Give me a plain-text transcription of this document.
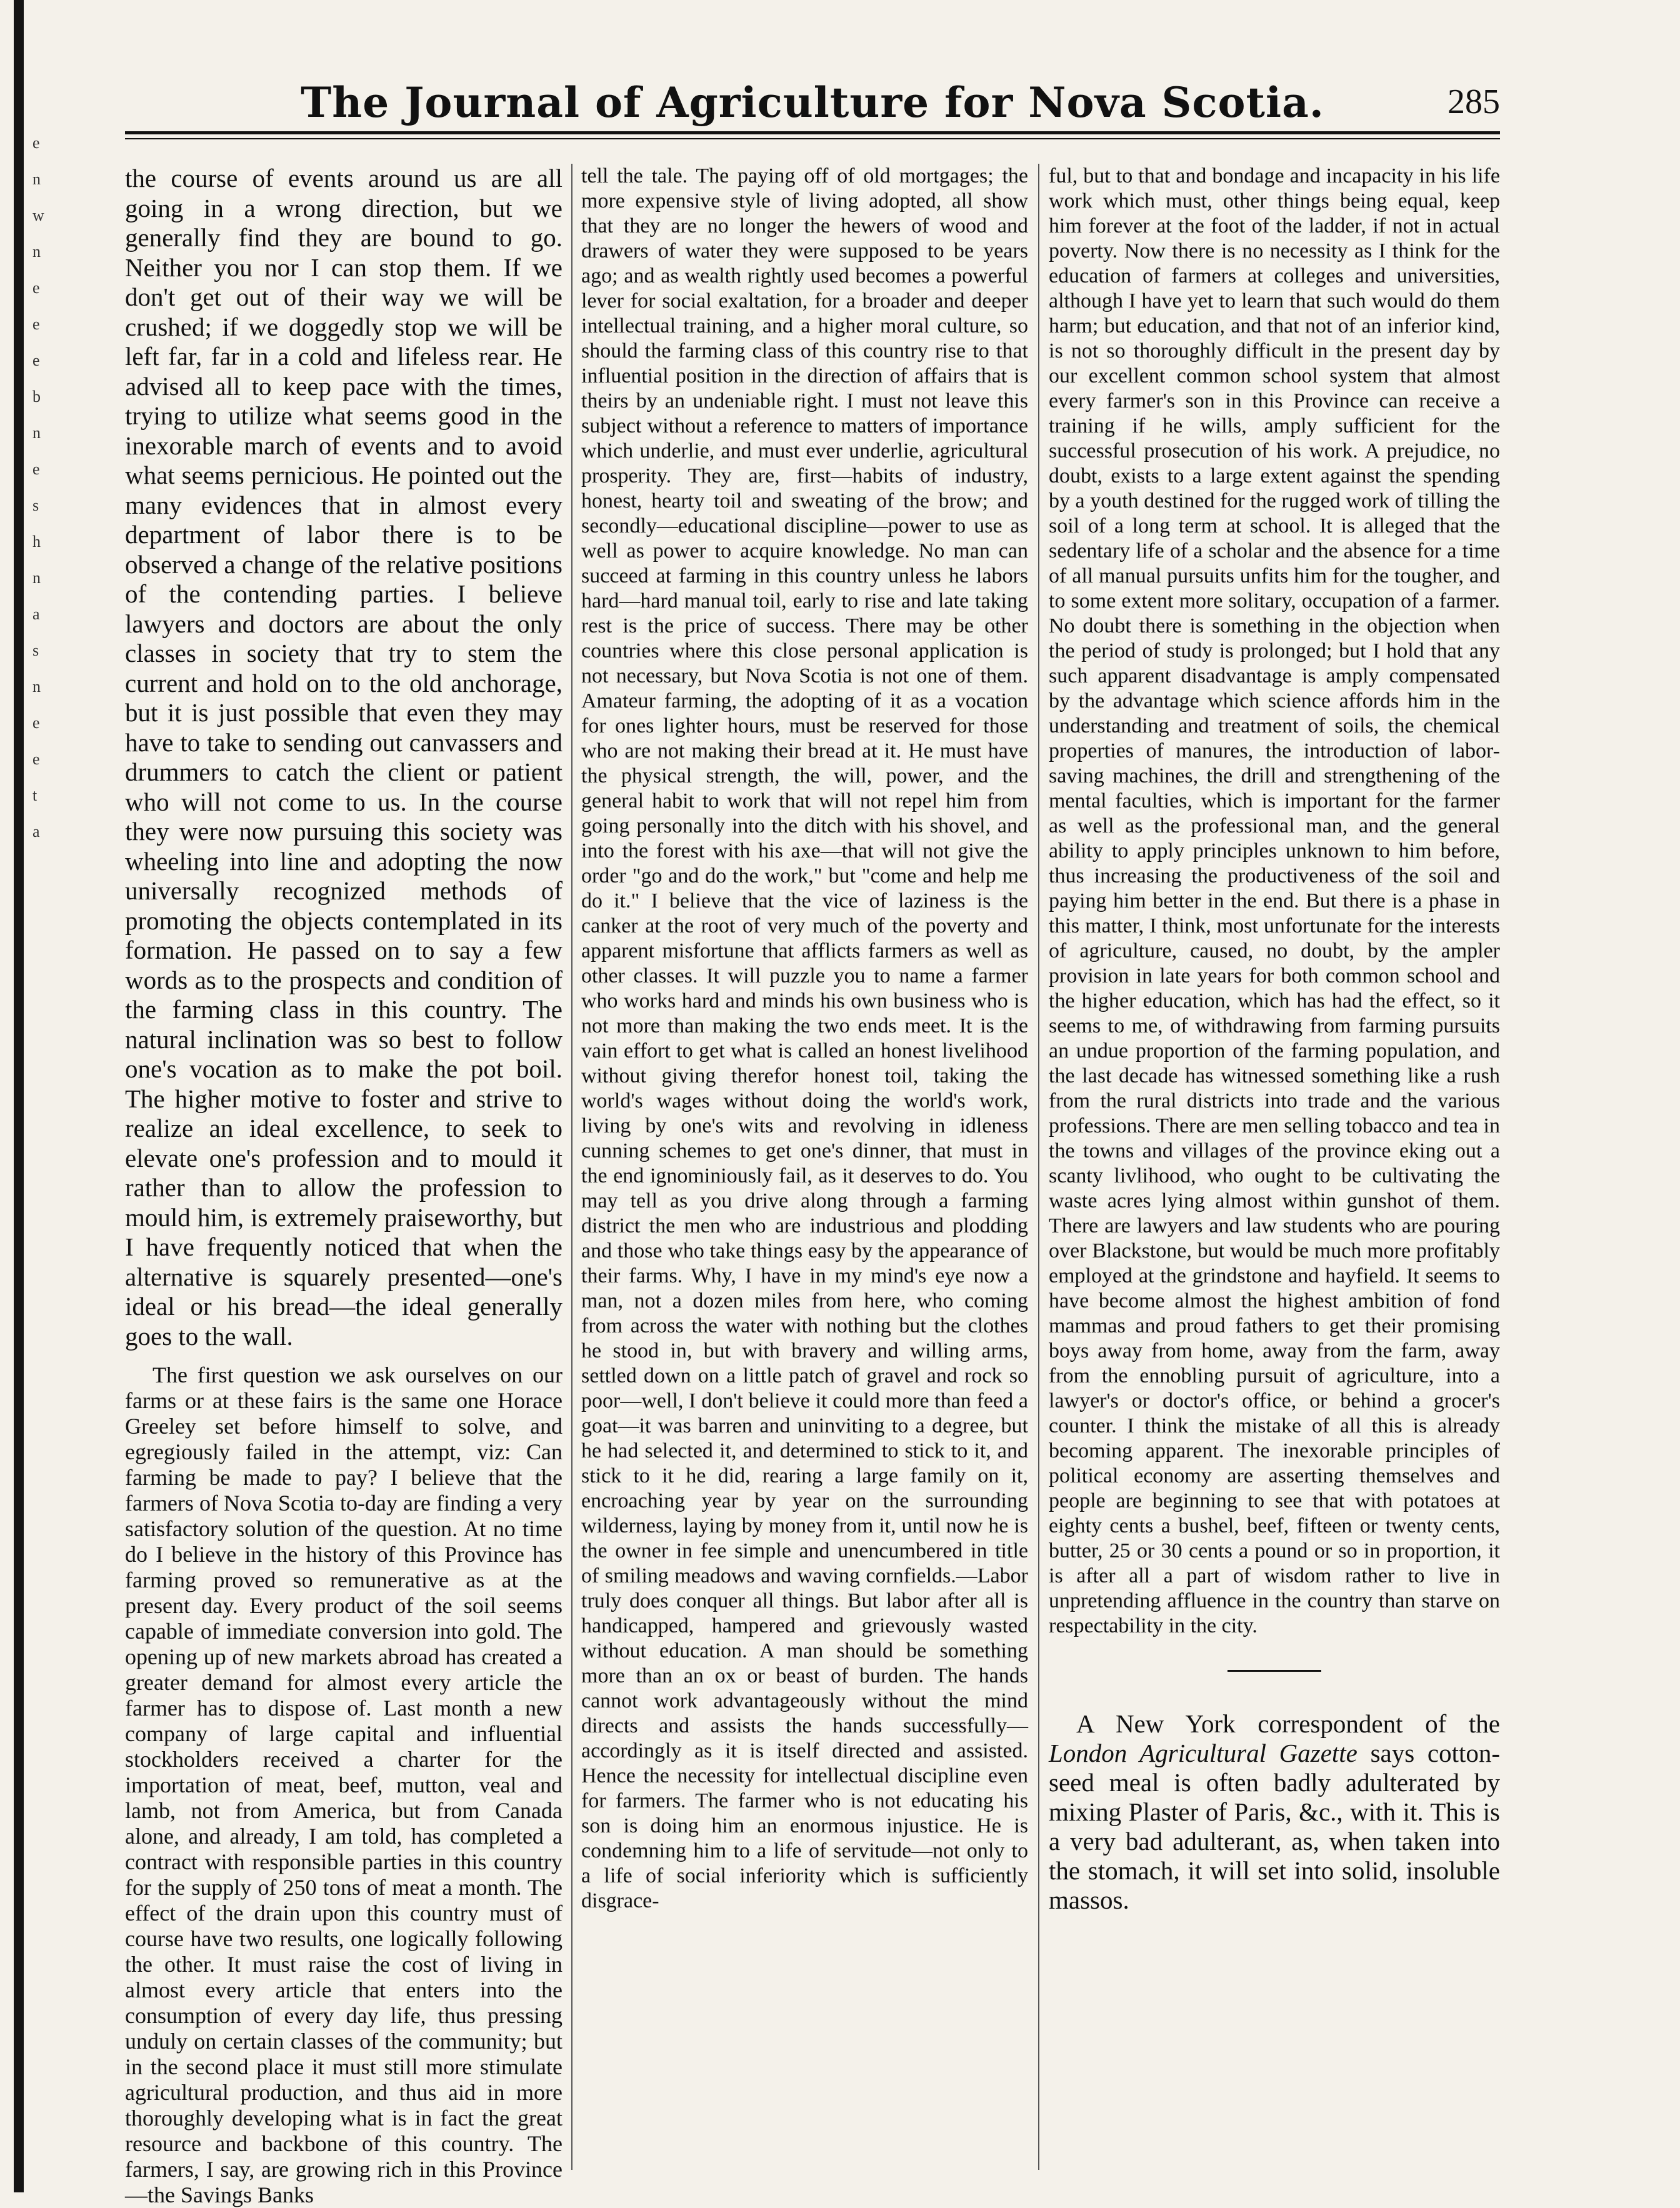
e
n
w
n
e
e
e
b
n
e
s
h
n
a
s
n
e
e
t
a
The Journal of Agriculture for Nova Scotia.	285

the course of events around us are all going in a wrong direction, but we generally find they are bound to go. Neither you nor I can stop them. If we don't get out of their way we will be crushed; if we doggedly stop we will be left far, far in a cold and lifeless rear. He advised all to keep pace with the times, trying to utilize what seems good in the inexorable march of events and to avoid what seems pernicious. He pointed out the many evidences that in almost every department of labor there is to be observed a change of the relative positions of the contending parties. I believe lawyers and doctors are about the only classes in society that try to stem the current and hold on to the old anchorage, but it is just possible that even they may have to take to sending out canvassers and drummers to catch the client or patient who will not come to us. In the course they were now pursuing this society was wheeling into line and adopting the now universally recognized methods of promoting the objects contemplated in its formation. He passed on to say a few words as to the prospects and condition of the farming class in this country. The natural inclination was so best to follow one's vocation as to make the pot boil. The higher motive to foster and strive to realize an ideal excellence, to seek to elevate one's profession and to mould it rather than to allow the profession to mould him, is extremely praiseworthy, but I have frequently noticed that when the alternative is squarely presented—one's ideal or his bread—the ideal generally goes to the wall.

The first question we ask ourselves on our farms or at these fairs is the same one Horace Greeley set before himself to solve, and egregiously failed in the attempt, viz: Can farming be made to pay? I believe that the farmers of Nova Scotia to-day are finding a very satisfactory solution of the question. At no time do I believe in the history of this Province has farming proved so remunerative as at the present day. Every product of the soil seems capable of immediate conversion into gold. The opening up of new markets abroad has created a greater demand for almost every article the farmer has to dispose of. Last month a new company of large capital and influential stockholders received a charter for the importation of meat, beef, mutton, veal and lamb, not from America, but from Canada alone, and already, I am told, has completed a contract with responsible parties in this country for the supply of 250 tons of meat a month. The effect of the drain upon this country must of course have two results, one logically following the other. It must raise the cost of living in almost every article that enters into the consumption of every day life, thus pressing unduly on certain classes of the community; but in the second place it must still more stimulate agricultural production, and thus aid in more thoroughly developing what is in fact the great resource and backbone of this country. The farmers, I say, are growing rich in this Province—the Savings Banks

tell the tale. The paying off of old mortgages; the more expensive style of living adopted, all show that they are no longer the hewers of wood and drawers of water they were supposed to be years ago; and as wealth rightly used becomes a powerful lever for social exaltation, for a broader and deeper intellectual training, and a higher moral culture, so should the farming class of this country rise to that influential position in the direction of affairs that is theirs by an undeniable right. I must not leave this subject without a reference to matters of importance which underlie, and must ever underlie, agricultural prosperity. They are, first—habits of industry, honest, hearty toil and sweating of the brow; and secondly—educational discipline—power to use as well as power to acquire knowledge. No man can succeed at farming in this country unless he labors hard—hard manual toil, early to rise and late taking rest is the price of success. There may be other countries where this close personal application is not necessary, but Nova Scotia is not one of them. Amateur farming, the adopting of it as a vocation for ones lighter hours, must be reserved for those who are not making their bread at it. He must have the physical strength, the will, power, and the general habit to work that will not repel him from going personally into the ditch with his shovel, and into the forest with his axe—that will not give the order "go and do the work," but "come and help me do it." I believe that the vice of laziness is the canker at the root of very much of the poverty and apparent misfortune that afflicts farmers as well as other classes. It will puzzle you to name a farmer who works hard and minds his own business who is not more than making the two ends meet. It is the vain effort to get what is called an honest livelihood without giving therefor honest toil, taking the world's wages without doing the world's work, living by one's wits and revolving in idleness cunning schemes to get one's dinner, that must in the end ignominiously fail, as it deserves to do. You may tell as you drive along through a farming district the men who are industrious and plodding and those who take things easy by the appearance of their farms. Why, I have in my mind's eye now a man, not a dozen miles from here, who coming from across the water with nothing but the clothes he stood in, but with bravery and willing arms, settled down on a little patch of gravel and rock so poor—well, I don't believe it could more than feed a goat—it was barren and uninviting to a degree, but he had selected it, and determined to stick to it, and stick to it he did, rearing a large family on it, encroaching year by year on the surrounding wilderness, laying by money from it, until now he is the owner in fee simple and unencumbered in title of smiling meadows and waving cornfields.—Labor truly does conquer all things. But labor after all is handicapped, hampered and grievously wasted without education. A man should be something more than an ox or beast of burden. The hands cannot work advantageously without the mind directs and assists the hands successfully—accordingly as it is itself directed and assisted. Hence the necessity for intellectual discipline even for farmers. The farmer who is not educating his son is doing him an enormous injustice. He is condemning him to a life of servitude—not only to a life of social inferiority which is sufficiently disgrace-

ful, but to that and bondage and incapacity in his life work which must, other things being equal, keep him forever at the foot of the ladder, if not in actual poverty. Now there is no necessity as I think for the education of farmers at colleges and universities, although I have yet to learn that such would do them harm; but education, and that not of an inferior kind, is not so thoroughly difficult in the present day by our excellent common school system that almost every farmer's son in this Province can receive a training if he wills, amply sufficient for the successful prosecution of his work. A prejudice, no doubt, exists to a large extent against the spending by a youth destined for the rugged work of tilling the soil of a long term at school. It is alleged that the sedentary life of a scholar and the absence for a time of all manual pursuits unfits him for the tougher, and to some extent more solitary, occupation of a farmer. No doubt there is something in the objection when the period of study is prolonged; but I hold that any such apparent disadvantage is amply compensated by the advantage which science affords him in the understanding and treatment of soils, the chemical properties of manures, the introduction of labor-saving machines, the drill and strengthening of the mental faculties, which is important for the farmer as well as the professional man, and the general ability to apply principles unknown to him before, thus increasing the productiveness of the soil and paying him better in the end. But there is a phase in this matter, I think, most unfortunate for the interests of agriculture, caused, no doubt, by the ampler provision in late years for both common school and the higher education, which has had the effect, so it seems to me, of withdrawing from farming pursuits an undue proportion of the farming population, and the last decade has witnessed something like a rush from the rural districts into trade and the various professions. There are men selling tobacco and tea in the towns and villages of the province eking out a scanty livlihood, who ought to be cultivating the waste acres lying almost within gunshot of them. There are lawyers and law students who are pouring over Blackstone, but would be much more profitably employed at the grindstone and hayfield. It seems to have become almost the highest ambition of fond mammas and proud fathers to get their promising boys away from home, away from the farm, away from the ennobling pursuit of agriculture, into a lawyer's or doctor's office, or behind a grocer's counter. I think the mistake of all this is already becoming apparent. The inexorable principles of political economy are asserting themselves and people are beginning to see that with potatoes at eighty cents a bushel, beef, fifteen or twenty cents, butter, 25 or 30 cents a pound or so in proportion, it is after all a part of wisdom rather to live in unpretending affluence in the country than starve on respectability in the city.

A New York correspondent of the London Agricultural Gazette says cotton-seed meal is often badly adulterated by mixing Plaster of Paris, &c., with it. This is a very bad adulterant, as, when taken into the stomach, it will set into solid, insoluble massos.
